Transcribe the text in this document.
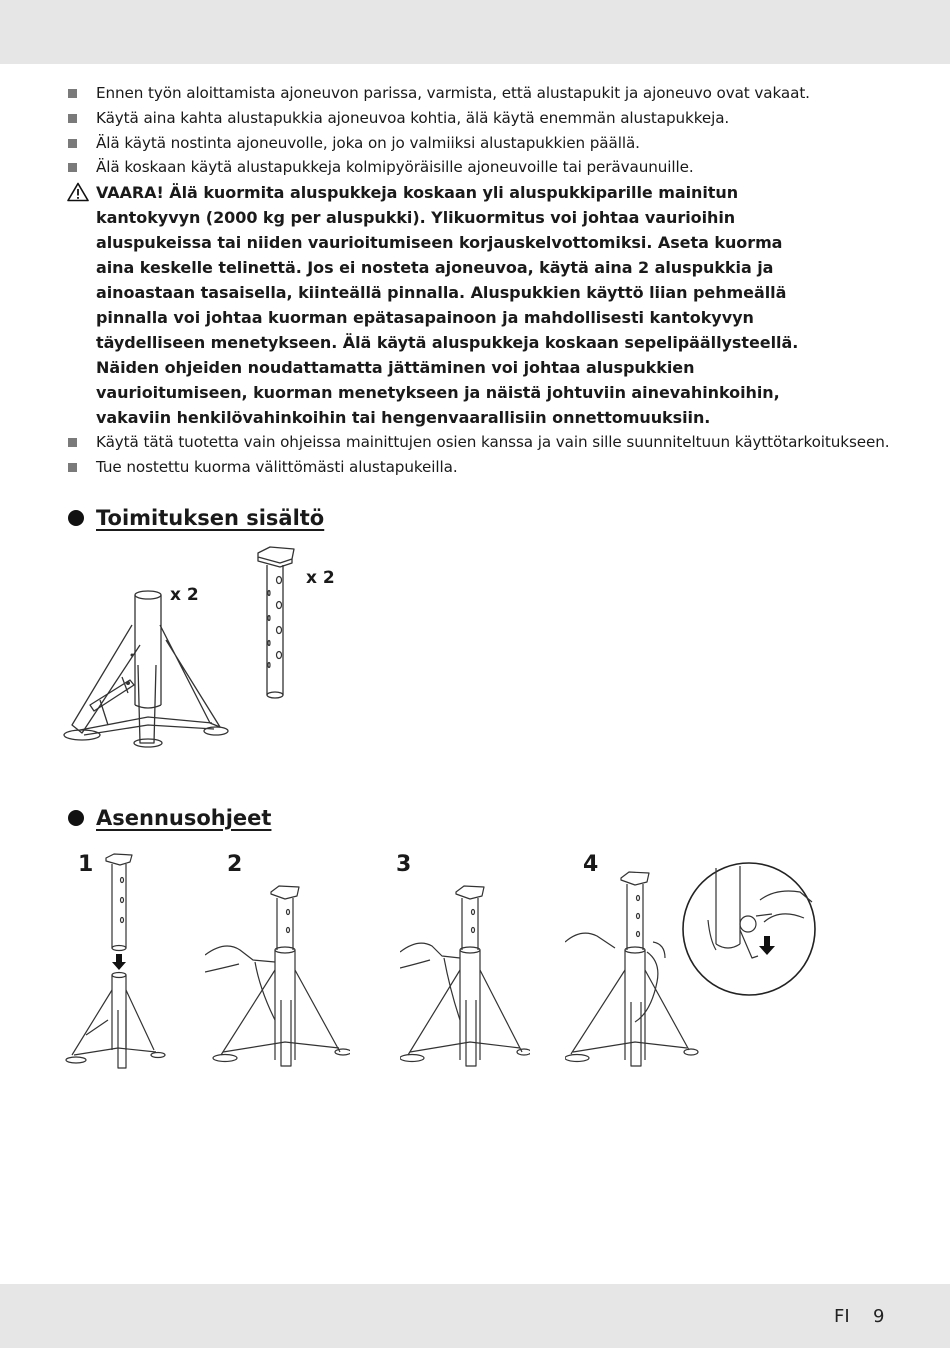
Ennen työn aloittamista ajoneuvon parissa, varmista, että alustapukit ja ajoneuvo ovat vakaat.
Käytä aina kahta alustapukkia ajoneuvoa kohtia, älä käytä enemmän alustapukkeja.
Älä käytä nostinta ajoneuvolle, joka on jo valmiiksi alustapukkien päällä.
Älä koskaan käytä alustapukkeja kolmipyöräisille ajoneuvoille tai perävaunuille.
VAARA! Älä kuormita aluspukkeja koskaan yli aluspukkiparille mainitun
kantokyvyn (2000 kg per aluspukki). Ylikuormitus voi johtaa vaurioihin
aluspukeissa tai niiden vaurioitumiseen korjauskelvottomiksi. Aseta kuorma
aina keskelle telinettä. Jos ei nosteta ajoneuvoa, käytä aina 2 aluspukkia ja
ainoastaan tasaisella, kiinteällä pinnalla. Aluspukkien käyttö liian pehmeällä
pinnalla voi johtaa kuorman epätasapainoon ja mahdollisesti kantokyvyn
täydelliseen menetykseen. Älä käytä aluspukkeja koskaan sepelipäällysteellä.
Näiden ohjeiden noudattamatta jättäminen voi johtaa aluspukkien
vaurioitumiseen, kuorman menetykseen ja näistä johtuviin ainevahinkoihin,
vakaviin henkilövahinkoihin tai hengenvaarallisiin onnettomuuksiin.
Käytä tätä tuotetta vain ohjeissa mainittujen osien kanssa ja vain sille suunniteltuun käyttötarkoitukseen.
Tue nostettu kuorma välittömästi alustapukeilla.
Toimituksen sisältö
x 2
x 2
Asennusohjeet
1	2	3	4
FI 9
